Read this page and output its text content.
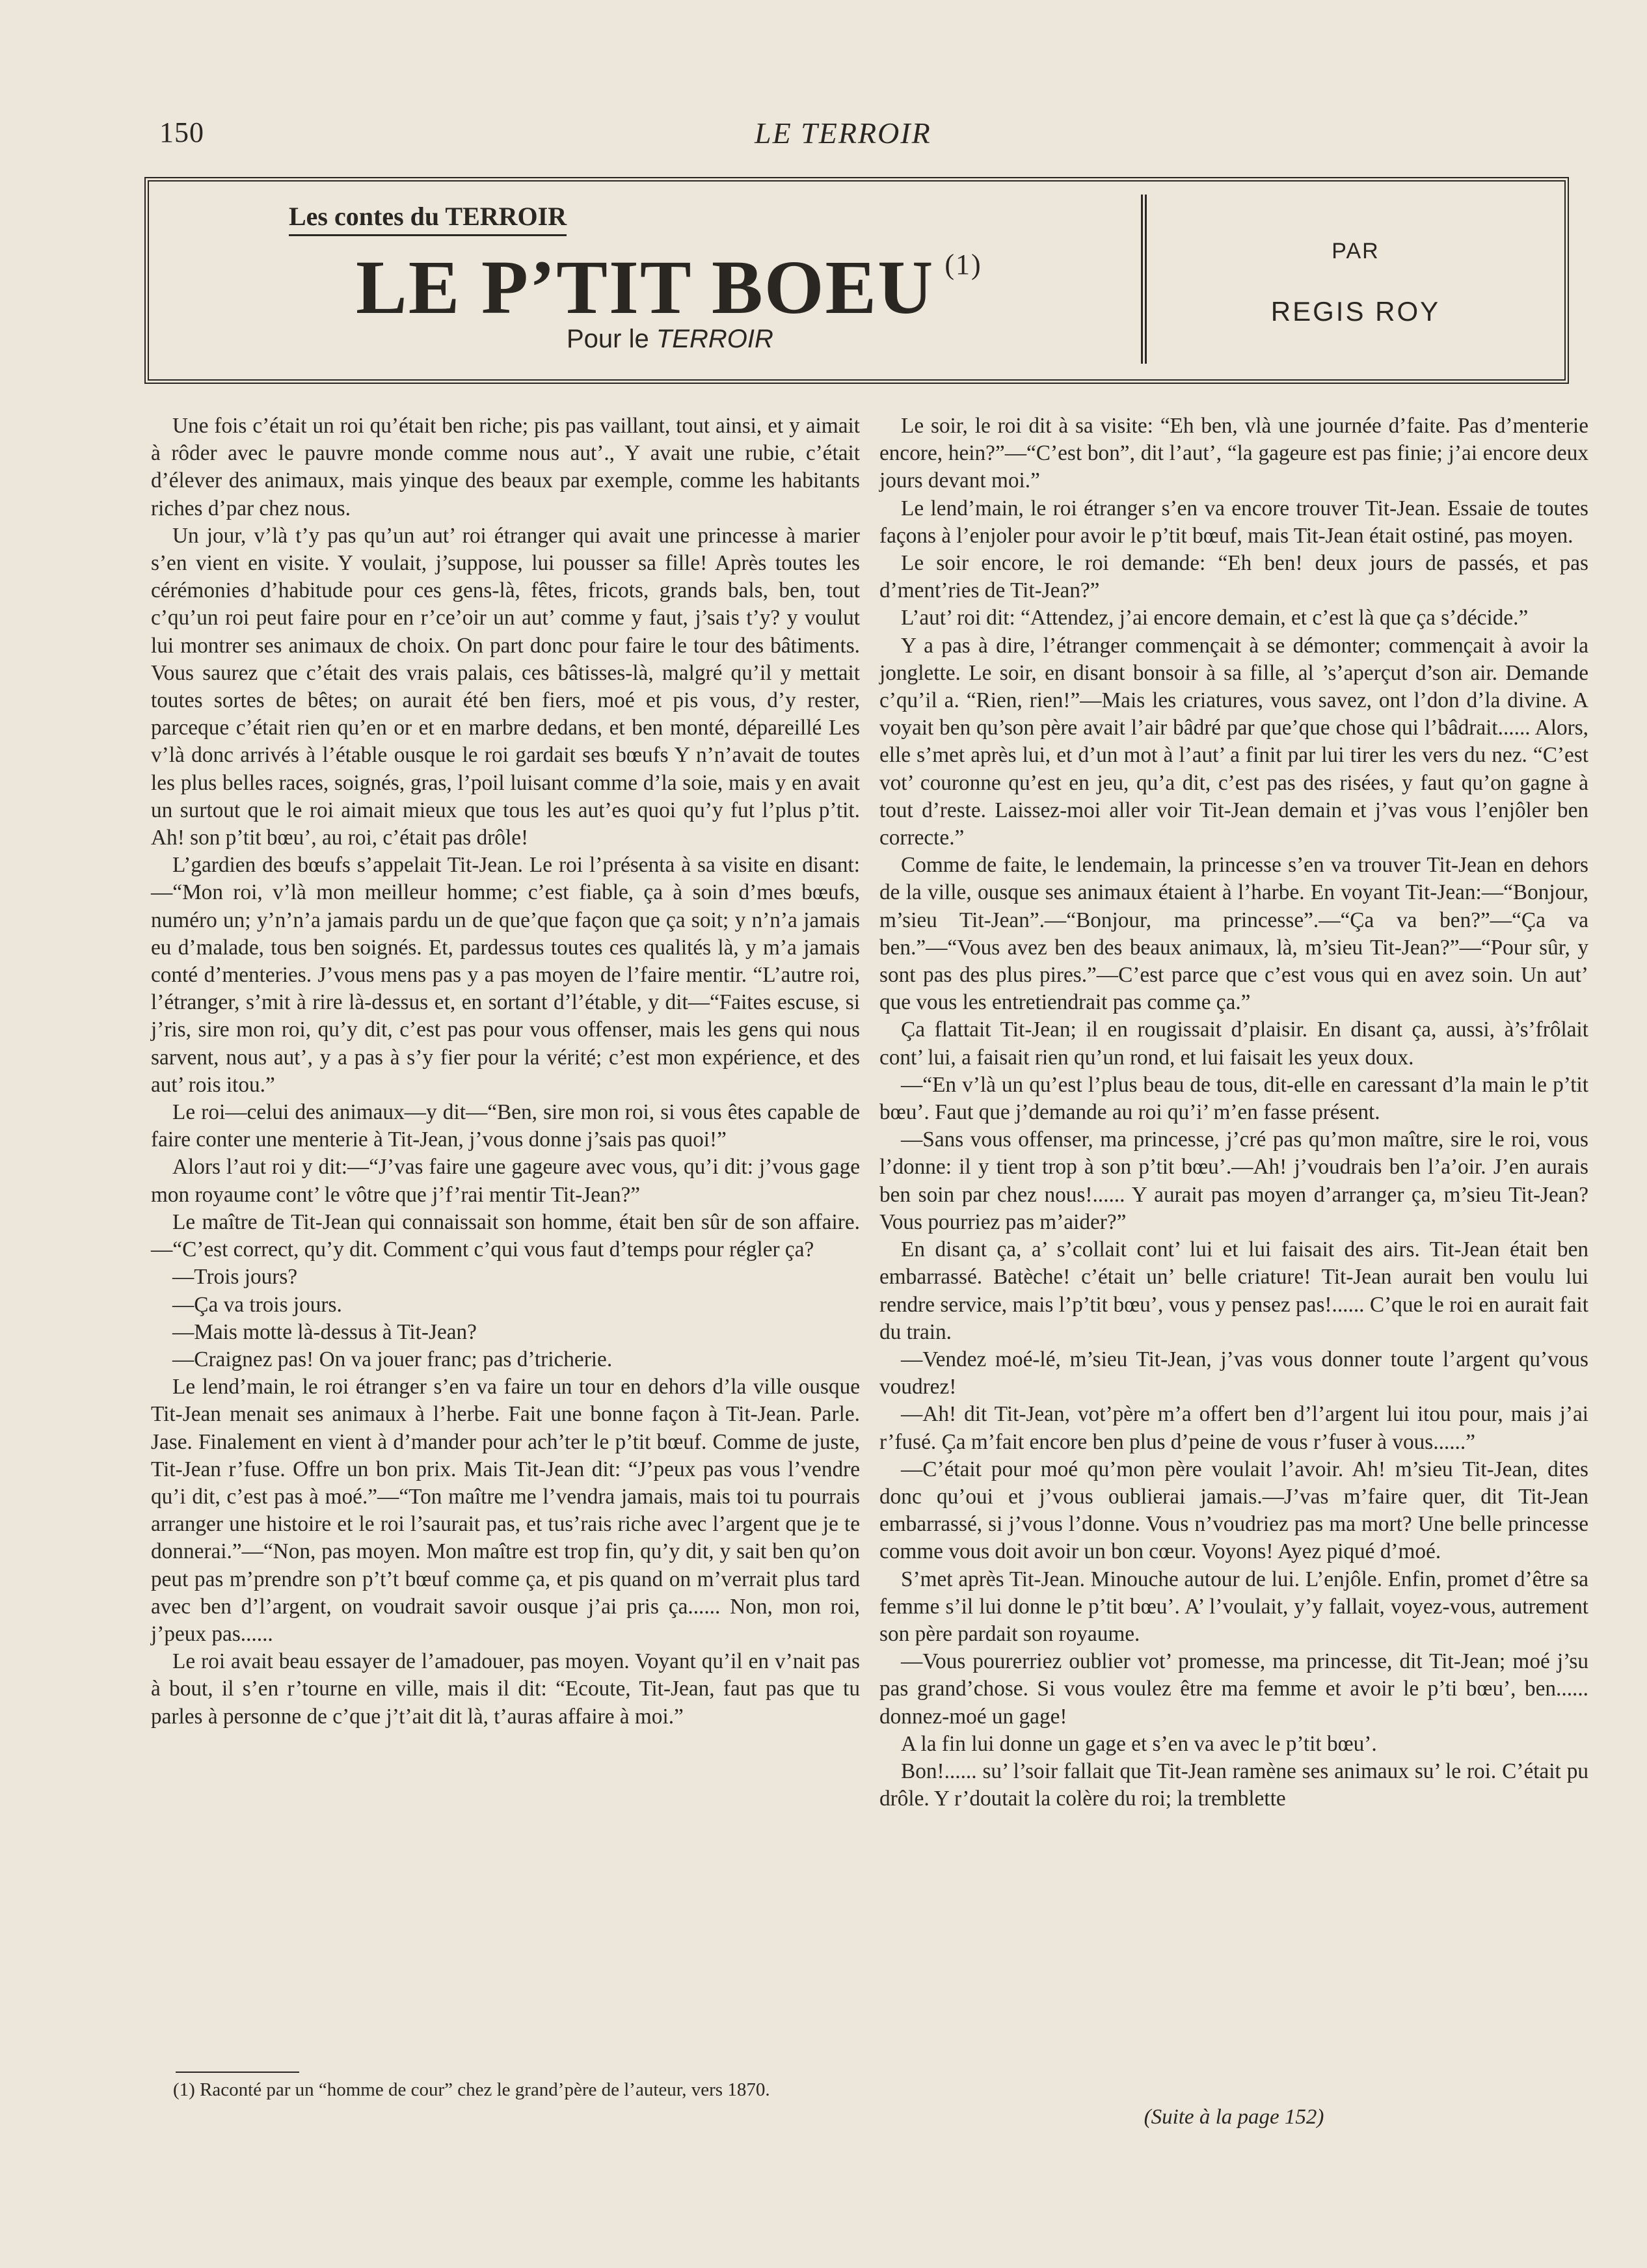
150	LE TERROIR
Les contes du TERROIR
LE P’TIT BOEU $^{(1)}$
Pour le TERROIR
PAR
REGIS ROY

Une fois c’était un roi qu’était ben riche; pis pas vaillant, tout ainsi, et y aimait à rôder avec le pauvre monde comme nous aut’., Y avait une rubie, c’était d’élever des animaux, mais yinque des beaux par exemple, comme les habitants riches d’par chez nous.

Un jour, v’là t’y pas qu’un aut’ roi étranger qui avait une princesse à marier s’en vient en visite. Y voulait, j’suppose, lui pousser sa fille! Après toutes les cérémonies d’habitude pour ces gens-là, fêtes, fricots, grands bals, ben, tout c’qu’un roi peut faire pour en r’ce’oir un aut’ comme y faut, j’sais t’y? y voulut lui montrer ses animaux de choix. On part donc pour faire le tour des bâtiments. Vous saurez que c’était des vrais palais, ces bâtisses-là, malgré qu’il y mettait toutes sortes de bêtes; on aurait été ben fiers, moé et pis vous, d’y rester, parceque c’était rien qu’en or et en marbre dedans, et ben monté, dépareillé Les v’là donc arrivés à l’étable ousque le roi gardait ses bœufs Y n’n’avait de toutes les plus belles races, soignés, gras, l’poil luisant comme d’la soie, mais y en avait un surtout que le roi aimait mieux que tous les aut’es quoi qu’y fut l’plus p’tit. Ah! son p’tit bœu’, au roi, c’était pas drôle!

L’gardien des bœufs s’appelait Tit-Jean. Le roi l’présenta à sa visite en disant:—“Mon roi, v’là mon meilleur homme; c’est fiable, ça à soin d’mes bœufs, numéro un; y’n’n’a jamais pardu un de que’que façon que ça soit; y n’n’a jamais eu d’malade, tous ben soignés. Et, pardessus toutes ces qualités là, y m’a jamais conté d’menteries. J’vous mens pas y a pas moyen de l’faire mentir. “L’autre roi, l’étranger, s’mit à rire là-dessus et, en sortant d’l’étable, y dit—“Faites escuse, si j’ris, sire mon roi, qu’y dit, c’est pas pour vous offenser, mais les gens qui nous sarvent, nous aut’, y a pas à s’y fier pour la vérité; c’est mon expérience, et des aut’ rois itou.”

Le roi—celui des animaux—y dit—“Ben, sire mon roi, si vous êtes capable de faire conter une menterie à Tit-Jean, j’vous donne j’sais pas quoi!”

Alors l’aut roi y dit:—“J’vas faire une gageure avec vous, qu’i dit: j’vous gage mon royaume cont’ le vôtre que j’f’rai mentir Tit-Jean?”

Le maître de Tit-Jean qui connaissait son homme, était ben sûr de son affaire.—“C’est correct, qu’y dit. Comment c’qui vous faut d’temps pour régler ça?

—Trois jours?

—Ça va trois jours.

—Mais motte là-dessus à Tit-Jean?

—Craignez pas! On va jouer franc; pas d’tricherie.

Le lend’main, le roi étranger s’en va faire un tour en dehors d’la ville ousque Tit-Jean menait ses animaux à l’herbe. Fait une bonne façon à Tit-Jean. Parle. Jase. Finalement en vient à d’mander pour ach’ter le p’tit bœuf. Comme de juste, Tit-Jean r’fuse. Offre un bon prix. Mais Tit-Jean dit: “J’peux pas vous l’vendre qu’i dit, c’est pas à moé.”—“Ton maître me l’vendra jamais, mais toi tu pourrais arranger une histoire et le roi l’saurait pas, et tus’rais riche avec l’argent que je te donnerai.”—“Non, pas moyen. Mon maître est trop fin, qu’y dit, y sait ben qu’on peut pas m’prendre son p’t’t bœuf comme ça, et pis quand on m’verrait plus tard avec ben d’l’argent, on voudrait savoir ousque j’ai pris ça...... Non, mon roi, j’peux pas......

Le roi avait beau essayer de l’amadouer, pas moyen. Voyant qu’il en v’nait pas à bout, il s’en r’tourne en ville, mais il dit: “Ecoute, Tit-Jean, faut pas que tu parles à personne de c’que j’t’ait dit là, t’auras affaire à moi.”

Le soir, le roi dit à sa visite: “Eh ben, vlà une journée d’faite. Pas d’menterie encore, hein?”—“C’est bon”, dit l’aut’, “la gageure est pas finie; j’ai encore deux jours devant moi.”

Le lend’main, le roi étranger s’en va encore trouver Tit-Jean. Essaie de toutes façons à l’enjoler pour avoir le p’tit bœuf, mais Tit-Jean était ostiné, pas moyen.

Le soir encore, le roi demande: “Eh ben! deux jours de passés, et pas d’ment’ries de Tit-Jean?”

L’aut’ roi dit: “Attendez, j’ai encore demain, et c’est là que ça s’décide.”

Y a pas à dire, l’étranger commençait à se démonter; commençait à avoir la jonglette. Le soir, en disant bonsoir à sa fille, al ’s’aperçut d’son air. Demande c’qu’il a. “Rien, rien!”—Mais les criatures, vous savez, ont l’don d’la divine. A voyait ben qu’son père avait l’air bâdré par que’que chose qui l’bâdrait...... Alors, elle s’met après lui, et d’un mot à l’aut’ a finit par lui tirer les vers du nez. “C’est vot’ couronne qu’est en jeu, qu’a dit, c’est pas des risées, y faut qu’on gagne à tout d’reste. Laissez-moi aller voir Tit-Jean demain et j’vas vous l’enjôler ben correcte.”

Comme de faite, le lendemain, la princesse s’en va trouver Tit-Jean en dehors de la ville, ousque ses animaux étaient à l’harbe. En voyant Tit-Jean:—“Bonjour, m’sieu Tit-Jean”.—“Bonjour, ma princesse”.—“Ça va ben?”—“Ça va ben.”—“Vous avez ben des beaux animaux, là, m’sieu Tit-Jean?”—“Pour sûr, y sont pas des plus pires.”—C’est parce que c’est vous qui en avez soin. Un aut’ que vous les entretiendrait pas comme ça.”

Ça flattait Tit-Jean; il en rougissait d’plaisir. En disant ça, aussi, à’s’frôlait cont’ lui, a faisait rien qu’un rond, et lui faisait les yeux doux.

—“En v’là un qu’est l’plus beau de tous, dit-elle en caressant d’la main le p’tit bœu’. Faut que j’demande au roi qu’i’ m’en fasse présent.

—Sans vous offenser, ma princesse, j’cré pas qu’mon maître, sire le roi, vous l’donne: il y tient trop à son p’tit bœu’.—Ah! j’voudrais ben l’a’oir. J’en aurais ben soin par chez nous!...... Y aurait pas moyen d’arranger ça, m’sieu Tit-Jean? Vous pourriez pas m’aider?”

En disant ça, a’ s’collait cont’ lui et lui faisait des airs. Tit-Jean était ben embarrassé. Batèche! c’était un’ belle criature! Tit-Jean aurait ben voulu lui rendre service, mais l’p’tit bœu’, vous y pensez pas!...... C’que le roi en aurait fait du train.

—Vendez moé-lé, m’sieu Tit-Jean, j’vas vous donner toute l’argent qu’vous voudrez!

—Ah! dit Tit-Jean, vot’père m’a offert ben d’l’argent lui itou pour, mais j’ai r’fusé. Ça m’fait encore ben plus d’peine de vous r’fuser à vous......”

—C’était pour moé qu’mon père voulait l’avoir. Ah! m’sieu Tit-Jean, dites donc qu’oui et j’vous oublierai jamais.—J’vas m’faire quer, dit Tit-Jean embarrassé, si j’vous l’donne. Vous n’voudriez pas ma mort? Une belle princesse comme vous doit avoir un bon cœur. Voyons! Ayez piqué d’moé.

S’met après Tit-Jean. Minouche autour de lui. L’enjôle. Enfin, promet d’être sa femme s’il lui donne le p’tit bœu’. A’ l’voulait, y’y fallait, voyez-vous, autrement son père pardait son royaume.

—Vous pourerriez oublier vot’ promesse, ma princesse, dit Tit-Jean; moé j’su pas grand’chose. Si vous voulez être ma femme et avoir le p’ti bœu’, ben...... donnez-moé un gage!

A la fin lui donne un gage et s’en va avec le p’tit bœu’.

Bon!...... su’ l’soir fallait que Tit-Jean ramène ses animaux su’ le roi. C’était pu drôle. Y r’doutait la colère du roi; la tremblette

(1) Raconté par un “homme de cour” chez le grand’père de l’auteur, vers 1870.
(Suite à la page 152)
